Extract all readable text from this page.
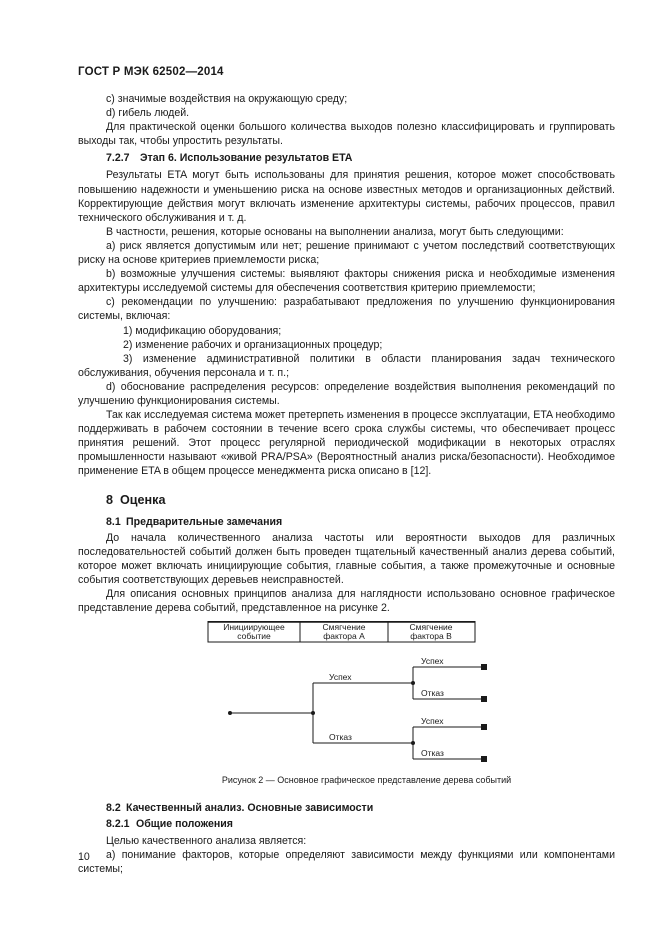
ГОСТ Р МЭК 62502—2014

c) значимые воздействия на окружающую среду;

d) гибель людей.

Для практической оценки большого количества выходов полезно классифицировать и группировать выходы так, чтобы упростить результаты.

7.2.7 Этап 6. Использование результатов ETA

Результаты ETA могут быть использованы для принятия решения, которое может способствовать повышению надежности и уменьшению риска на основе известных методов и организационных действий. Корректирующие действия могут включать изменение архитектуры системы, рабочих процессов, правил технического обслуживания и т. д.

В частности, решения, которые основаны на выполнении анализа, могут быть следующими:

а) риск является допустимым или нет; решение принимают с учетом последствий соответствующих риску на основе критериев приемлемости риска;

b) возможные улучшения системы: выявляют факторы снижения риска и необходимые изменения архитектуры исследуемой системы для обеспечения соответствия критерию приемлемости;

c) рекомендации по улучшению: разрабатывают предложения по улучшению функционирования системы, включая:

1) модификацию оборудования;

2) изменение рабочих и организационных процедур;

3) изменение административной политики в области планирования задач технического обслуживания, обучения персонала и т. п.;

d) обоснование распределения ресурсов: определение воздействия выполнения рекомендаций по улучшению функционирования системы.

Так как исследуемая система может претерпеть изменения в процессе эксплуатации, ETA необходимо поддерживать в рабочем состоянии в течение всего срока службы системы, что обеспечивает процесс принятия решений. Этот процесс регулярной периодической модификации в некоторых отраслях промышленности называют «живой PRA/PSA» (Вероятностный анализ риска/безопасности). Необходимое применение ETA в общем процессе менеджмента риска описано в [12].

8 Оценка
8.1 Предварительные замечания

До начала количественного анализа частоты или вероятности выходов для различных последовательностей событий должен быть проведен тщательный качественный анализ дерева событий, которое может включать инициирующие события, главные события, а также промежуточные и основные события соответствующих деревьев неисправностей.

Для описания основных принципов анализа для наглядности использовано основное графическое представление дерева событий, представленное на рисунке 2.

Инициирующее
событие
Смягчение
фактора А
Смягчение
фактора В
Успех
Отказ
Успех
Отказ
Успех
Отказ
Рисунок 2 — Основное графическое представление дерева событий
8.2 Качественный анализ. Основные зависимости
8.2.1 Общие положения

Целью качественного анализа является:

а) понимание факторов, которые определяют зависимости между функциями или компонентами системы;

10
